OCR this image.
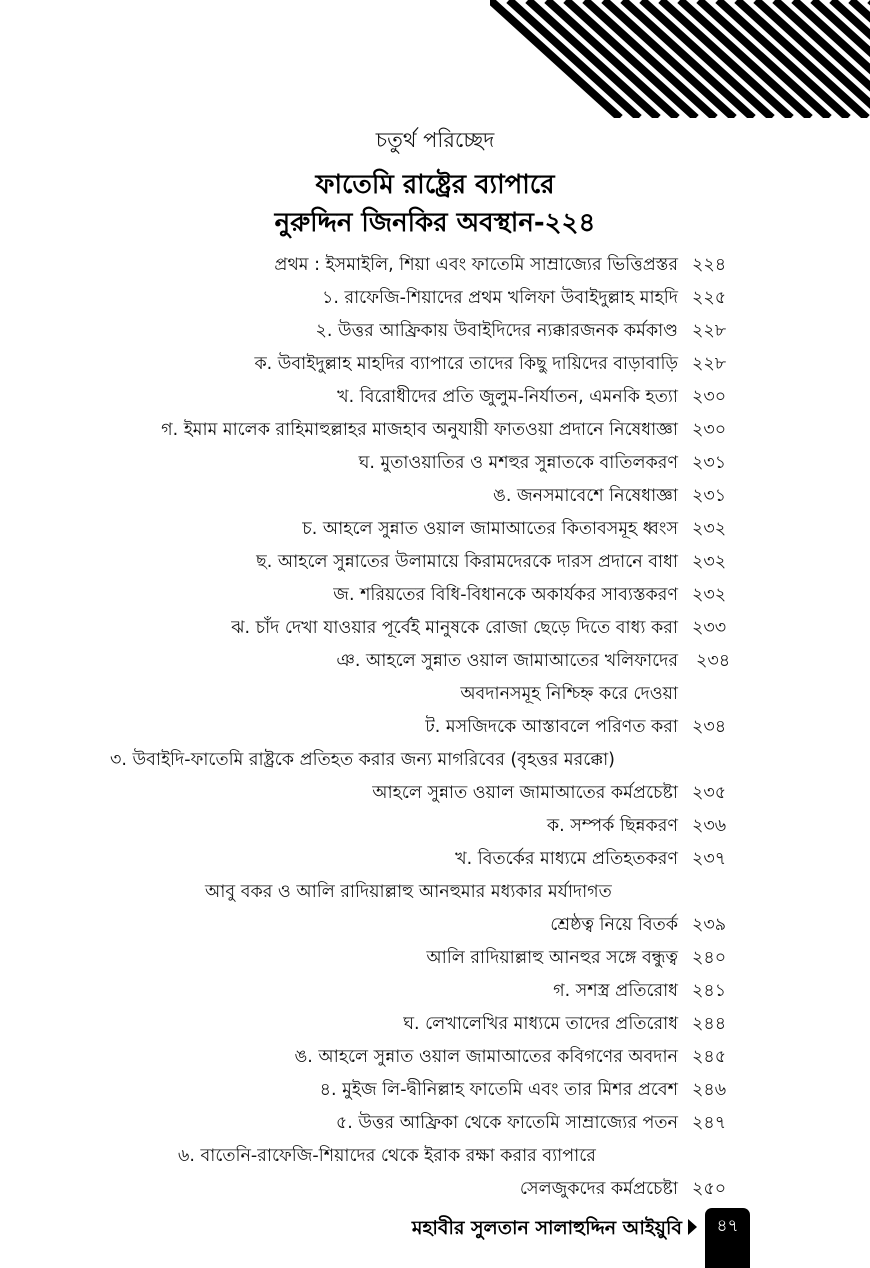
চতুর্থ পরিচ্ছেদ
ফাতেমি রাষ্ট্রের ব্যাপারে
নুরুদ্দিন জিনকির অবস্থান-২২৪
প্রথম : ইসমাইলি, শিয়া এবং ফাতেমি সাম্রাজ্যের ভিত্তিপ্রস্তর ২২৪
১. রাফেজি-শিয়াদের প্রথম খলিফা উবাইদুল্লাহ মাহদি ২২৫
২. উত্তর আফ্রিকায় উবাইদিদের ন্যক্কারজনক কর্মকাণ্ড ২২৮
ক. উবাইদুল্লাহ মাহদির ব্যাপারে তাদের কিছু দায়িদের বাড়াবাড়ি ২২৮
খ. বিরোধীদের প্রতি জুলুম-নির্যাতন, এমনকি হত্যা ২৩০
গ. ইমাম মালেক রাহিমাহুল্লাহর মাজহাব অনুযায়ী ফাতওয়া প্রদানে নিষেধাজ্ঞা ২৩০
ঘ. মুতাওয়াতির ও মশহুর সুন্নাতকে বাতিলকরণ ২৩১
ঙ. জনসমাবেশে নিষেধাজ্ঞা ২৩১
চ. আহলে সুন্নাত ওয়াল জামাআতের কিতাবসমূহ ধ্বংস ২৩২
ছ. আহলে সুন্নাতের উলামায়ে কিরামদেরকে দারস প্রদানে বাধা ২৩২
জ. শরিয়তের বিধি-বিধানকে অকার্যকর সাব্যস্তকরণ ২৩২
ঝ. চাঁদ দেখা যাওয়ার পূর্বেই মানুষকে রোজা ছেড়ে দিতে বাধ্য করা ২৩৩
ঞ. আহলে সুন্নাত ওয়াল জামাআতের খলিফাদের ২৩৪
অবদানসমূহ নিশ্চিহ্ন করে দেওয়া
ট. মসজিদকে আস্তাবলে পরিণত করা ২৩৪
৩. উবাইদি-ফাতেমি রাষ্ট্রকে প্রতিহত করার জন্য মাগরিবের (বৃহত্তর মরক্কো)
আহলে সুন্নাত ওয়াল জামাআতের কর্মপ্রচেষ্টা ২৩৫
ক. সম্পর্ক ছিন্নকরণ ২৩৬
খ. বিতর্কের মাধ্যমে প্রতিহতকরণ ২৩৭
আবু বকর ও আলি রাদিয়াল্লাহু আনহুমার মধ্যকার মর্যাদাগত
শ্রেষ্ঠত্ব নিয়ে বিতর্ক ২৩৯
আলি রাদিয়াল্লাহু আনহুর সঙ্গে বন্ধুত্ব ২৪০
গ. সশস্ত্র প্রতিরোধ ২৪১
ঘ. লেখালেখির মাধ্যমে তাদের প্রতিরোধ ২৪৪
ঙ. আহলে সুন্নাত ওয়াল জামাআতের কবিগণের অবদান ২৪৫
৪. মুইজ লি-দ্বীনিল্লাহ ফাতেমি এবং তার মিশর প্রবেশ ২৪৬
৫. উত্তর আফ্রিকা থেকে ফাতেমি সাম্রাজ্যের পতন ২৪৭
৬. বাতেনি-রাফেজি-শিয়াদের থেকে ইরাক রক্ষা করার ব্যাপারে
সেলজুকদের কর্মপ্রচেষ্টা ২৫০
মহাবীর সুলতান সালাহুদ্দিন আইয়ুবি	৪৭
